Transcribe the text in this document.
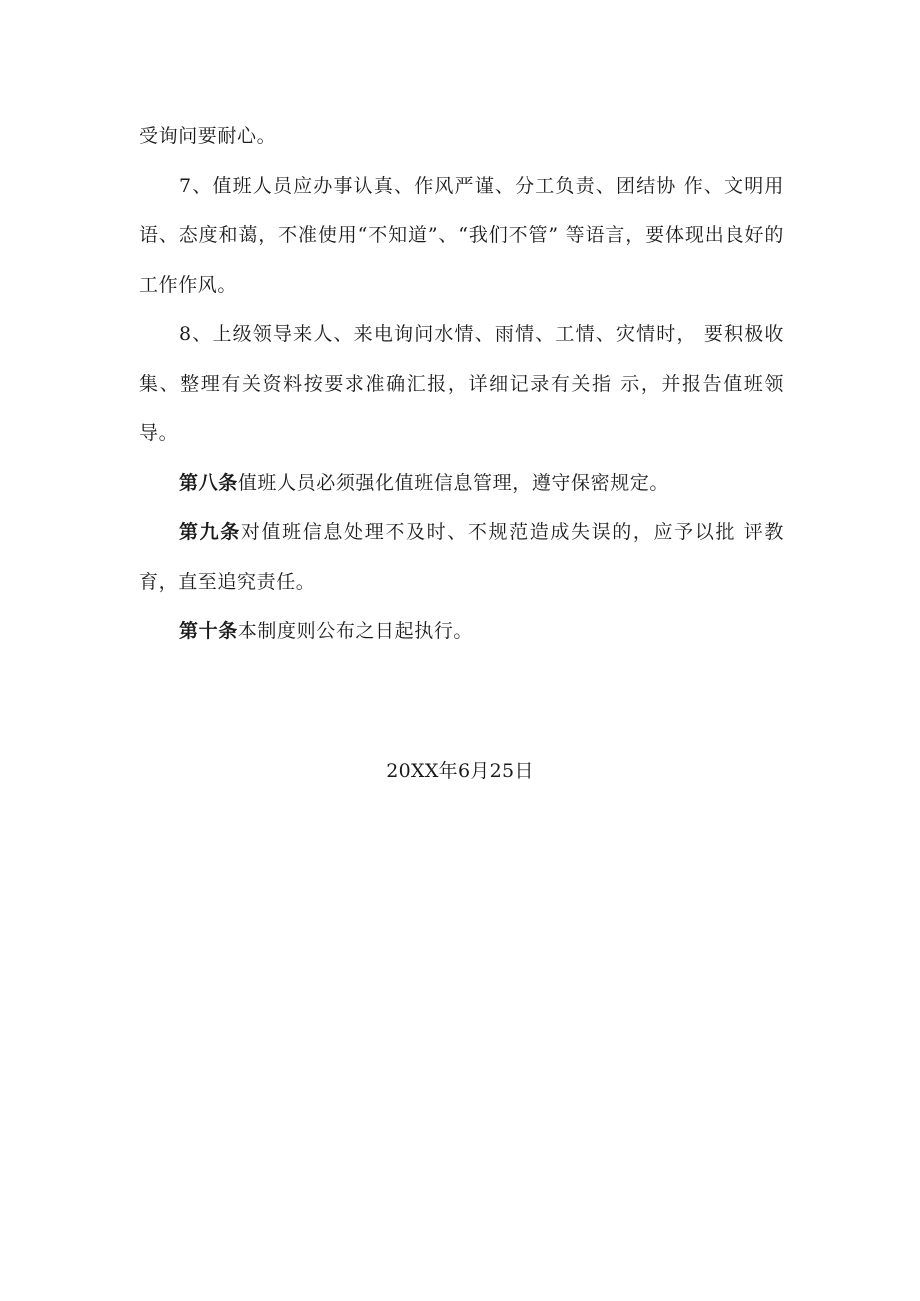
受询问要耐心。

7、值班人员应办事认真、作风严谨、分工负责、团结协 作、文明用语、态度和蔼，不准使用“不知道”、“我们不管” 等语言，要体现出良好的工作作风。

8、上级领导来人、来电询问水情、雨情、工情、灾情时， 要积极收集、整理有关资料按要求准确汇报，详细记录有关指 示，并报告值班领导。

第八条值班人员必须强化值班信息管理，遵守保密规定。

第九条对值班信息处理不及时、不规范造成失误的，应予以批 评教育，直至追究责任。

第十条本制度则公布之日起执行。

20XX年6月25日
